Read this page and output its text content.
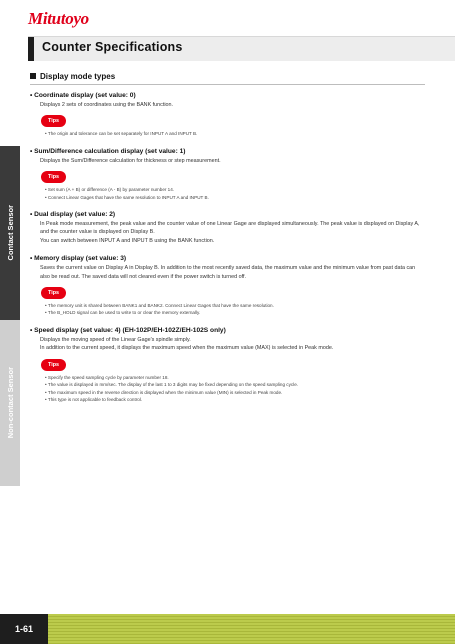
Mitutoyo
Counter Specifications
Contact Sensor
Non-contact Sensor
Display mode types
• Coordinate display (set value: 0)
Displays 2 sets of coordinates using the BANK function.
Tips
• The origin and tolerance can be set separately for INPUT A and INPUT B.
• Sum/Difference calculation display (set value: 1)
Displays the Sum/Difference calculation for thickness or step measurement.
Tips
• Set sum (A + B) or difference (A - B) by parameter number 14.
• Connect Linear Gages that have the same resolution to INPUT A and INPUT B.
• Dual display (set value: 2)
In Peak mode measurement, the peak value and the counter value of one Linear Gage are displayed simultaneously. The peak value is displayed on Display A, and the counter value is displayed on Display B.
You can switch between INPUT A and INPUT B using the BANK function.
• Memory display (set value: 3)
Saves the current value on Display A in Display B. In addition to the most recently saved data, the maximum value and the minimum value from past data can also be read out. The saved data will not cleared even if the power switch is turned off.
Tips
• The memory unit is shared between BANK1 and BANK2. Connect Linear Gages that have the same resolution.
• The B_HOLD signal can be used to write to or clear the memory externally.
• Speed display (set value: 4) (EH-102P/EH-102Z/EH-102S only)
Displays the moving speed of the Linear Gage's spindle simply.
In addition to the current speed, it displays the maximum speed when the maximum value (MAX) is selected in Peak mode.
Tips
• Specify the speed sampling cycle by parameter number 18.
• The value is displayed in mm/sec. The display of the last 1 to 3 digits may be fixed depending on the speed sampling cycle.
• The maximum speed in the reverse direction is displayed when the minimum value (MIN) is selected in Peak mode.
• This type is not applicable to feedback control.
1-61
